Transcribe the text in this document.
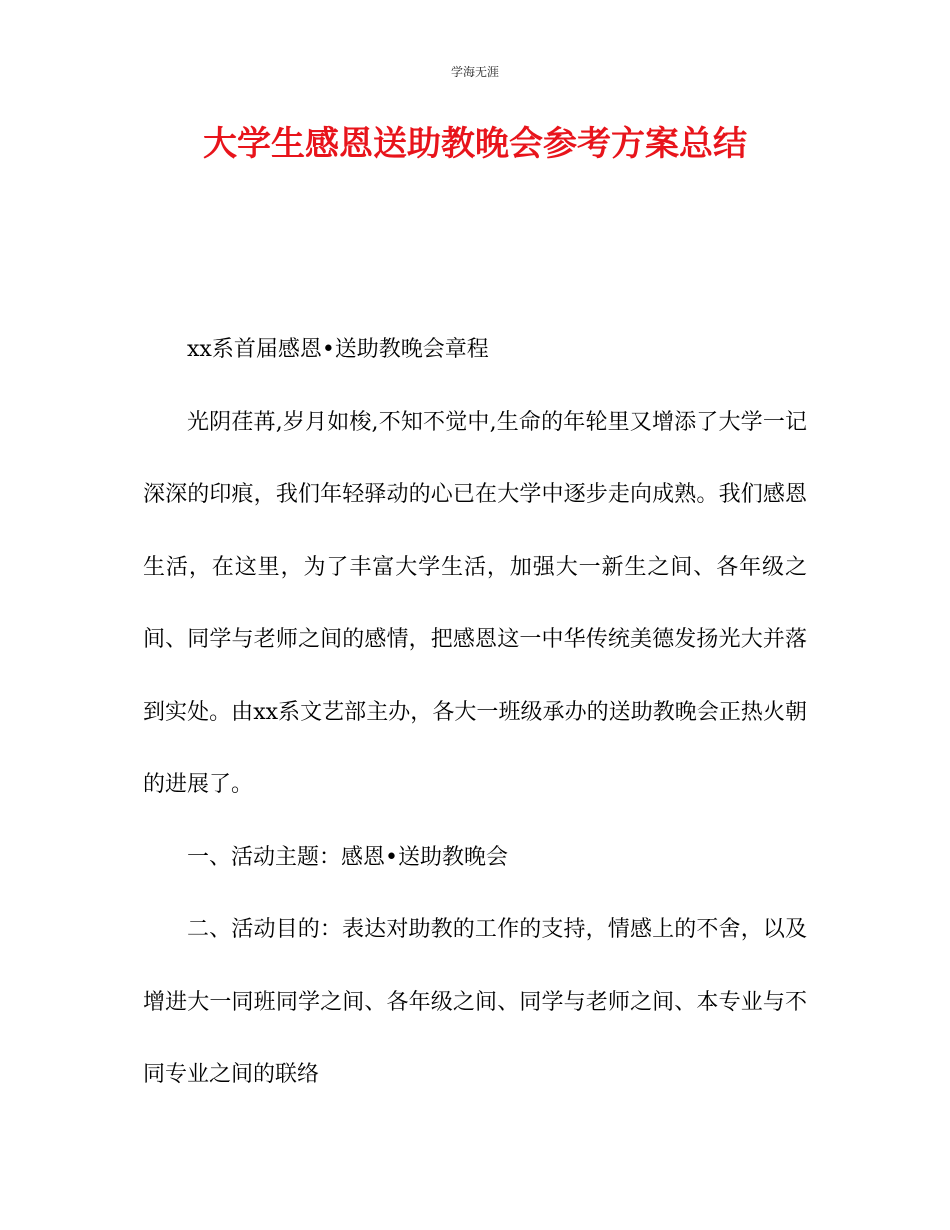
学海无涯
大学生感恩送助教晚会参考方案总结

xx系首届感恩•送助教晚会章程

光阴荏苒,岁月如梭,不知不觉中,生命的年轮里又增添了大学一记深深的印痕，我们年轻驿动的心已在大学中逐步走向成熟。我们感恩生活，在这里，为了丰富大学生活，加强大一新生之间、各年级之间、同学与老师之间的感情，把感恩这一中华传统美德发扬光大并落到实处。由xx系文艺部主办，各大一班级承办的送助教晚会正热火朝的进展了。

一、活动主题：感恩•送助教晚会

二、活动目的：表达对助教的工作的支持，情感上的不舍，以及增进大一同班同学之间、各年级之间、同学与老师之间、本专业与不同专业之间的联络
